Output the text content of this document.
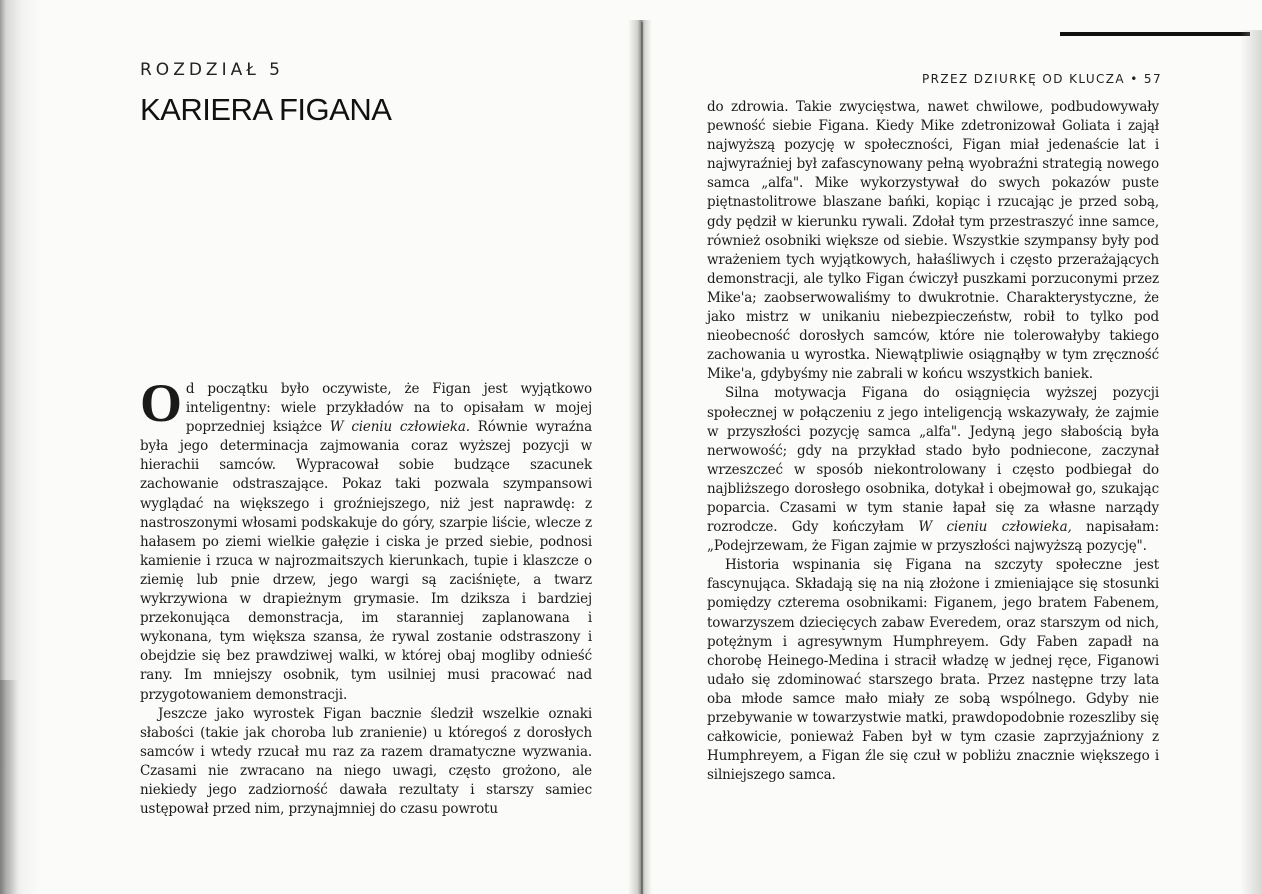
ROZDZIAŁ 5
KARIERA FIGANA

Od początku było oczywiste, że Figan jest wyjątkowo inteligentny: wiele przykładów na to opisałam w mojej poprzedniej książce W cieniu człowieka. Równie wyraźna była jego determinacja zajmowania coraz wyższej pozycji w hierachii samców. Wypracował sobie budzące szacunek zachowanie odstraszające. Pokaz taki pozwala szympansowi wyglądać na większego i groźniejszego, niż jest naprawdę: z nastroszonymi włosami podskakuje do góry, szarpie liście, wlecze z hałasem po ziemi wielkie gałęzie i ciska je przed siebie, podnosi kamienie i rzuca w najrozmaitszych kierunkach, tupie i klaszcze o ziemię lub pnie drzew, jego wargi są zaciśnięte, a twarz wykrzywiona w drapieżnym grymasie. Im dziksza i bardziej przekonująca demonstracja, im staranniej zaplanowana i wykonana, tym większa szansa, że rywal zostanie odstraszony i obejdzie się bez prawdziwej walki, w której obaj mogliby odnieść rany. Im mniejszy osobnik, tym usilniej musi pracować nad przygotowaniem demonstracji.

Jeszcze jako wyrostek Figan bacznie śledził wszelkie oznaki słabości (takie jak choroba lub zranienie) u któregoś z dorosłych samców i wtedy rzucał mu raz za razem dramatyczne wyzwania. Czasami nie zwracano na niego uwagi, często grożono, ale niekiedy jego zadziorność dawała rezultaty i starszy samiec ustępował przed nim, przynajmniej do czasu powrotu

PRZEZ DZIURKĘ OD KLUCZA • 57

do zdrowia. Takie zwycięstwa, nawet chwilowe, podbudowywały pewność siebie Figana. Kiedy Mike zdetronizował Goliata i zajął najwyższą pozycję w społeczności, Figan miał jedenaście lat i najwyraźniej był zafascynowany pełną wyobraźni strategią nowego samca „alfa". Mike wykorzystywał do swych pokazów puste piętnastolitrowe blaszane bańki, kopiąc i rzucając je przed sobą, gdy pędził w kierunku rywali. Zdołał tym przestraszyć inne samce, również osobniki większe od siebie. Wszystkie szympansy były pod wrażeniem tych wyjątkowych, hałaśliwych i często przerażających demonstracji, ale tylko Figan ćwiczył puszkami porzuconymi przez Mike'a; zaobserwowaliśmy to dwukrotnie. Charakterystyczne, że jako mistrz w unikaniu niebezpieczeństw, robił to tylko pod nieobecność dorosłych samców, które nie tolerowałyby takiego zachowania u wyrostka. Niewątpliwie osiągnąłby w tym zręczność Mike'a, gdybyśmy nie zabrali w końcu wszystkich baniek.

Silna motywacja Figana do osiągnięcia wyższej pozycji społecznej w połączeniu z jego inteligencją wskazywały, że zajmie w przyszłości pozycję samca „alfa". Jedyną jego słabością była nerwowość; gdy na przykład stado było podniecone, zaczynał wrzeszczeć w sposób niekontrolowany i często podbiegał do najbliższego dorosłego osobnika, dotykał i obejmował go, szukając poparcia. Czasami w tym stanie łapał się za własne narządy rozrodcze. Gdy kończyłam W cieniu człowieka, napisałam: „Podejrzewam, że Figan zajmie w przyszłości najwyższą pozycję".

Historia wspinania się Figana na szczyty społeczne jest fascynująca. Składają się na nią złożone i zmieniające się stosunki pomiędzy czterema osobnikami: Figanem, jego bratem Fabenem, towarzyszem dziecięcych zabaw Everedem, oraz starszym od nich, potężnym i agresywnym Humphreyem. Gdy Faben zapadł na chorobę Heinego-Medina i stracił władzę w jednej ręce, Figanowi udało się zdominować starszego brata. Przez następne trzy lata oba młode samce mało miały ze sobą wspólnego. Gdyby nie przebywanie w towarzystwie matki, prawdopodobnie rozeszliby się całkowicie, ponieważ Faben był w tym czasie zaprzyjaźniony z Humphreyem, a Figan źle się czuł w pobliżu znacznie większego i silniejszego samca.
